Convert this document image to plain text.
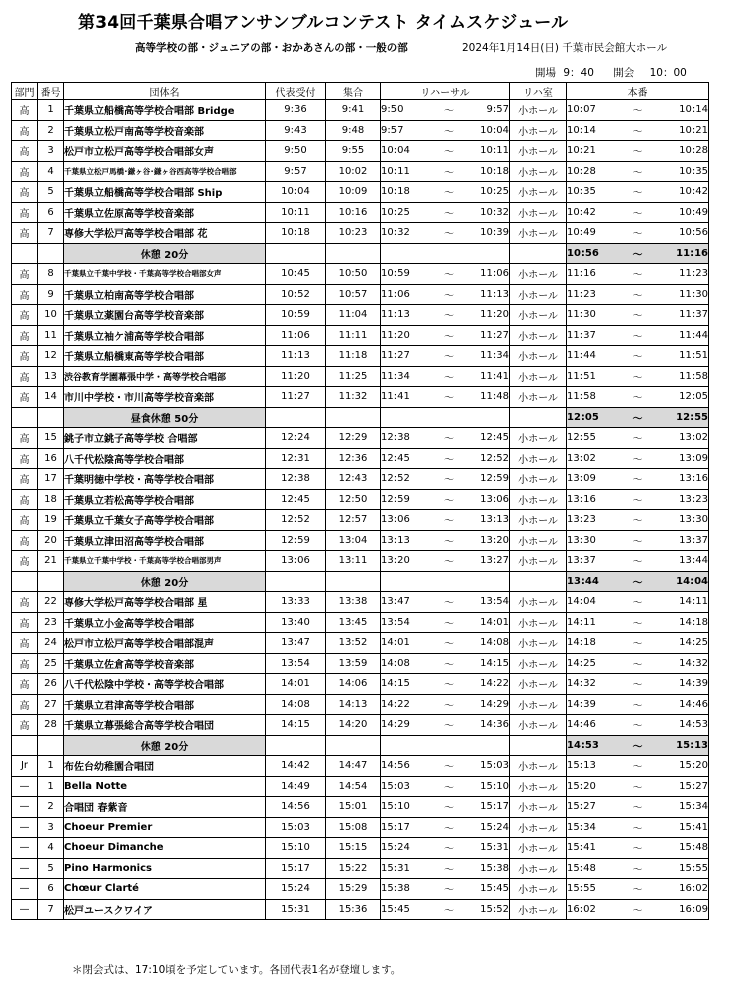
第34回千葉県合唱アンサンブルコンテスト タイムスケジュール
高等学校の部・ジュニアの部・おかあさんの部・一般の部	2024年1月14日(日) 千葉市民会館大ホール
開場 9：40 開会 10：00
部門	番号	団体名	代表受付	集合	リハーサル			リハ室	本番		
高	1	千葉県立船橋高等学校合唱部 Bridge	9:36	9:41	9:50	〜	9:57	小ホール	10:07	〜	10:14
高	2	千葉県立松戸南高等学校音楽部	9:43	9:48	9:57	〜	10:04	小ホール	10:14	〜	10:21
高	3	松戸市立松戸高等学校合唱部女声	9:50	9:55	10:04	〜	10:11	小ホール	10:21	〜	10:28
高	4	千葉県立松戸馬橋･鎌ヶ谷･鎌ヶ谷西高等学校合唱部	9:57	10:02	10:11	〜	10:18	小ホール	10:28	〜	10:35
高	5	千葉県立船橋高等学校合唱部 Ship	10:04	10:09	10:18	〜	10:25	小ホール	10:35	〜	10:42
高	6	千葉県立佐原高等学校音楽部	10:11	10:16	10:25	〜	10:32	小ホール	10:42	〜	10:49
高	7	専修大学松戸高等学校合唱部 花	10:18	10:23	10:32	〜	10:39	小ホール	10:49	〜	10:56
		休憩 20分							10:56	〜	11:16
高	8	千葉県立千葉中学校・千葉高等学校合唱部女声	10:45	10:50	10:59	〜	11:06	小ホール	11:16	〜	11:23
高	9	千葉県立柏南高等学校合唱部	10:52	10:57	11:06	〜	11:13	小ホール	11:23	〜	11:30
高	10	千葉県立薬園台高等学校音楽部	10:59	11:04	11:13	〜	11:20	小ホール	11:30	〜	11:37
高	11	千葉県立袖ケ浦高等学校合唱部	11:06	11:11	11:20	〜	11:27	小ホール	11:37	〜	11:44
高	12	千葉県立船橋東高等学校合唱部	11:13	11:18	11:27	〜	11:34	小ホール	11:44	〜	11:51
高	13	渋谷教育学園幕張中学・高等学校合唱部	11:20	11:25	11:34	〜	11:41	小ホール	11:51	〜	11:58
高	14	市川中学校・市川高等学校音楽部	11:27	11:32	11:41	〜	11:48	小ホール	11:58	〜	12:05
		昼食休憩 50分							12:05	〜	12:55
高	15	銚子市立銚子高等学校 合唱部	12:24	12:29	12:38	〜	12:45	小ホール	12:55	〜	13:02
高	16	八千代松陰高等学校合唱部	12:31	12:36	12:45	〜	12:52	小ホール	13:02	〜	13:09
高	17	千葉明徳中学校・高等学校合唱部	12:38	12:43	12:52	〜	12:59	小ホール	13:09	〜	13:16
高	18	千葉県立若松高等学校合唱部	12:45	12:50	12:59	〜	13:06	小ホール	13:16	〜	13:23
高	19	千葉県立千葉女子高等学校合唱部	12:52	12:57	13:06	〜	13:13	小ホール	13:23	〜	13:30
高	20	千葉県立津田沼高等学校合唱部	12:59	13:04	13:13	〜	13:20	小ホール	13:30	〜	13:37
高	21	千葉県立千葉中学校・千葉高等学校合唱部男声	13:06	13:11	13:20	〜	13:27	小ホール	13:37	〜	13:44
		休憩 20分							13:44	〜	14:04
高	22	専修大学松戸高等学校合唱部 星	13:33	13:38	13:47	〜	13:54	小ホール	14:04	〜	14:11
高	23	千葉県立小金高等学校合唱部	13:40	13:45	13:54	〜	14:01	小ホール	14:11	〜	14:18
高	24	松戸市立松戸高等学校合唱部混声	13:47	13:52	14:01	〜	14:08	小ホール	14:18	〜	14:25
高	25	千葉県立佐倉高等学校音楽部	13:54	13:59	14:08	〜	14:15	小ホール	14:25	〜	14:32
高	26	八千代松陰中学校・高等学校合唱部	14:01	14:06	14:15	〜	14:22	小ホール	14:32	〜	14:39
高	27	千葉県立君津高等学校合唱部	14:08	14:13	14:22	〜	14:29	小ホール	14:39	〜	14:46
高	28	千葉県立幕張総合高等学校合唱団	14:15	14:20	14:29	〜	14:36	小ホール	14:46	〜	14:53
		休憩 20分							14:53	〜	15:13
Jr	1	布佐台幼稚園合唱団	14:42	14:47	14:56	〜	15:03	小ホール	15:13	〜	15:20
—	1	Bella Notte	14:49	14:54	15:03	〜	15:10	小ホール	15:20	〜	15:27
—	2	合唱団 春紫音	14:56	15:01	15:10	〜	15:17	小ホール	15:27	〜	15:34
—	3	Choeur Premier	15:03	15:08	15:17	〜	15:24	小ホール	15:34	〜	15:41
—	4	Choeur Dimanche	15:10	15:15	15:24	〜	15:31	小ホール	15:41	〜	15:48
—	5	Pino Harmonics	15:17	15:22	15:31	〜	15:38	小ホール	15:48	〜	15:55
—	6	Chœur Clarté	15:24	15:29	15:38	〜	15:45	小ホール	15:55	〜	16:02
—	7	松戸ユースクワイア	15:31	15:36	15:45	〜	15:52	小ホール	16:02	〜	16:09
＊閉会式は、17:10頃を予定しています。各団代表1名が登壇します。
